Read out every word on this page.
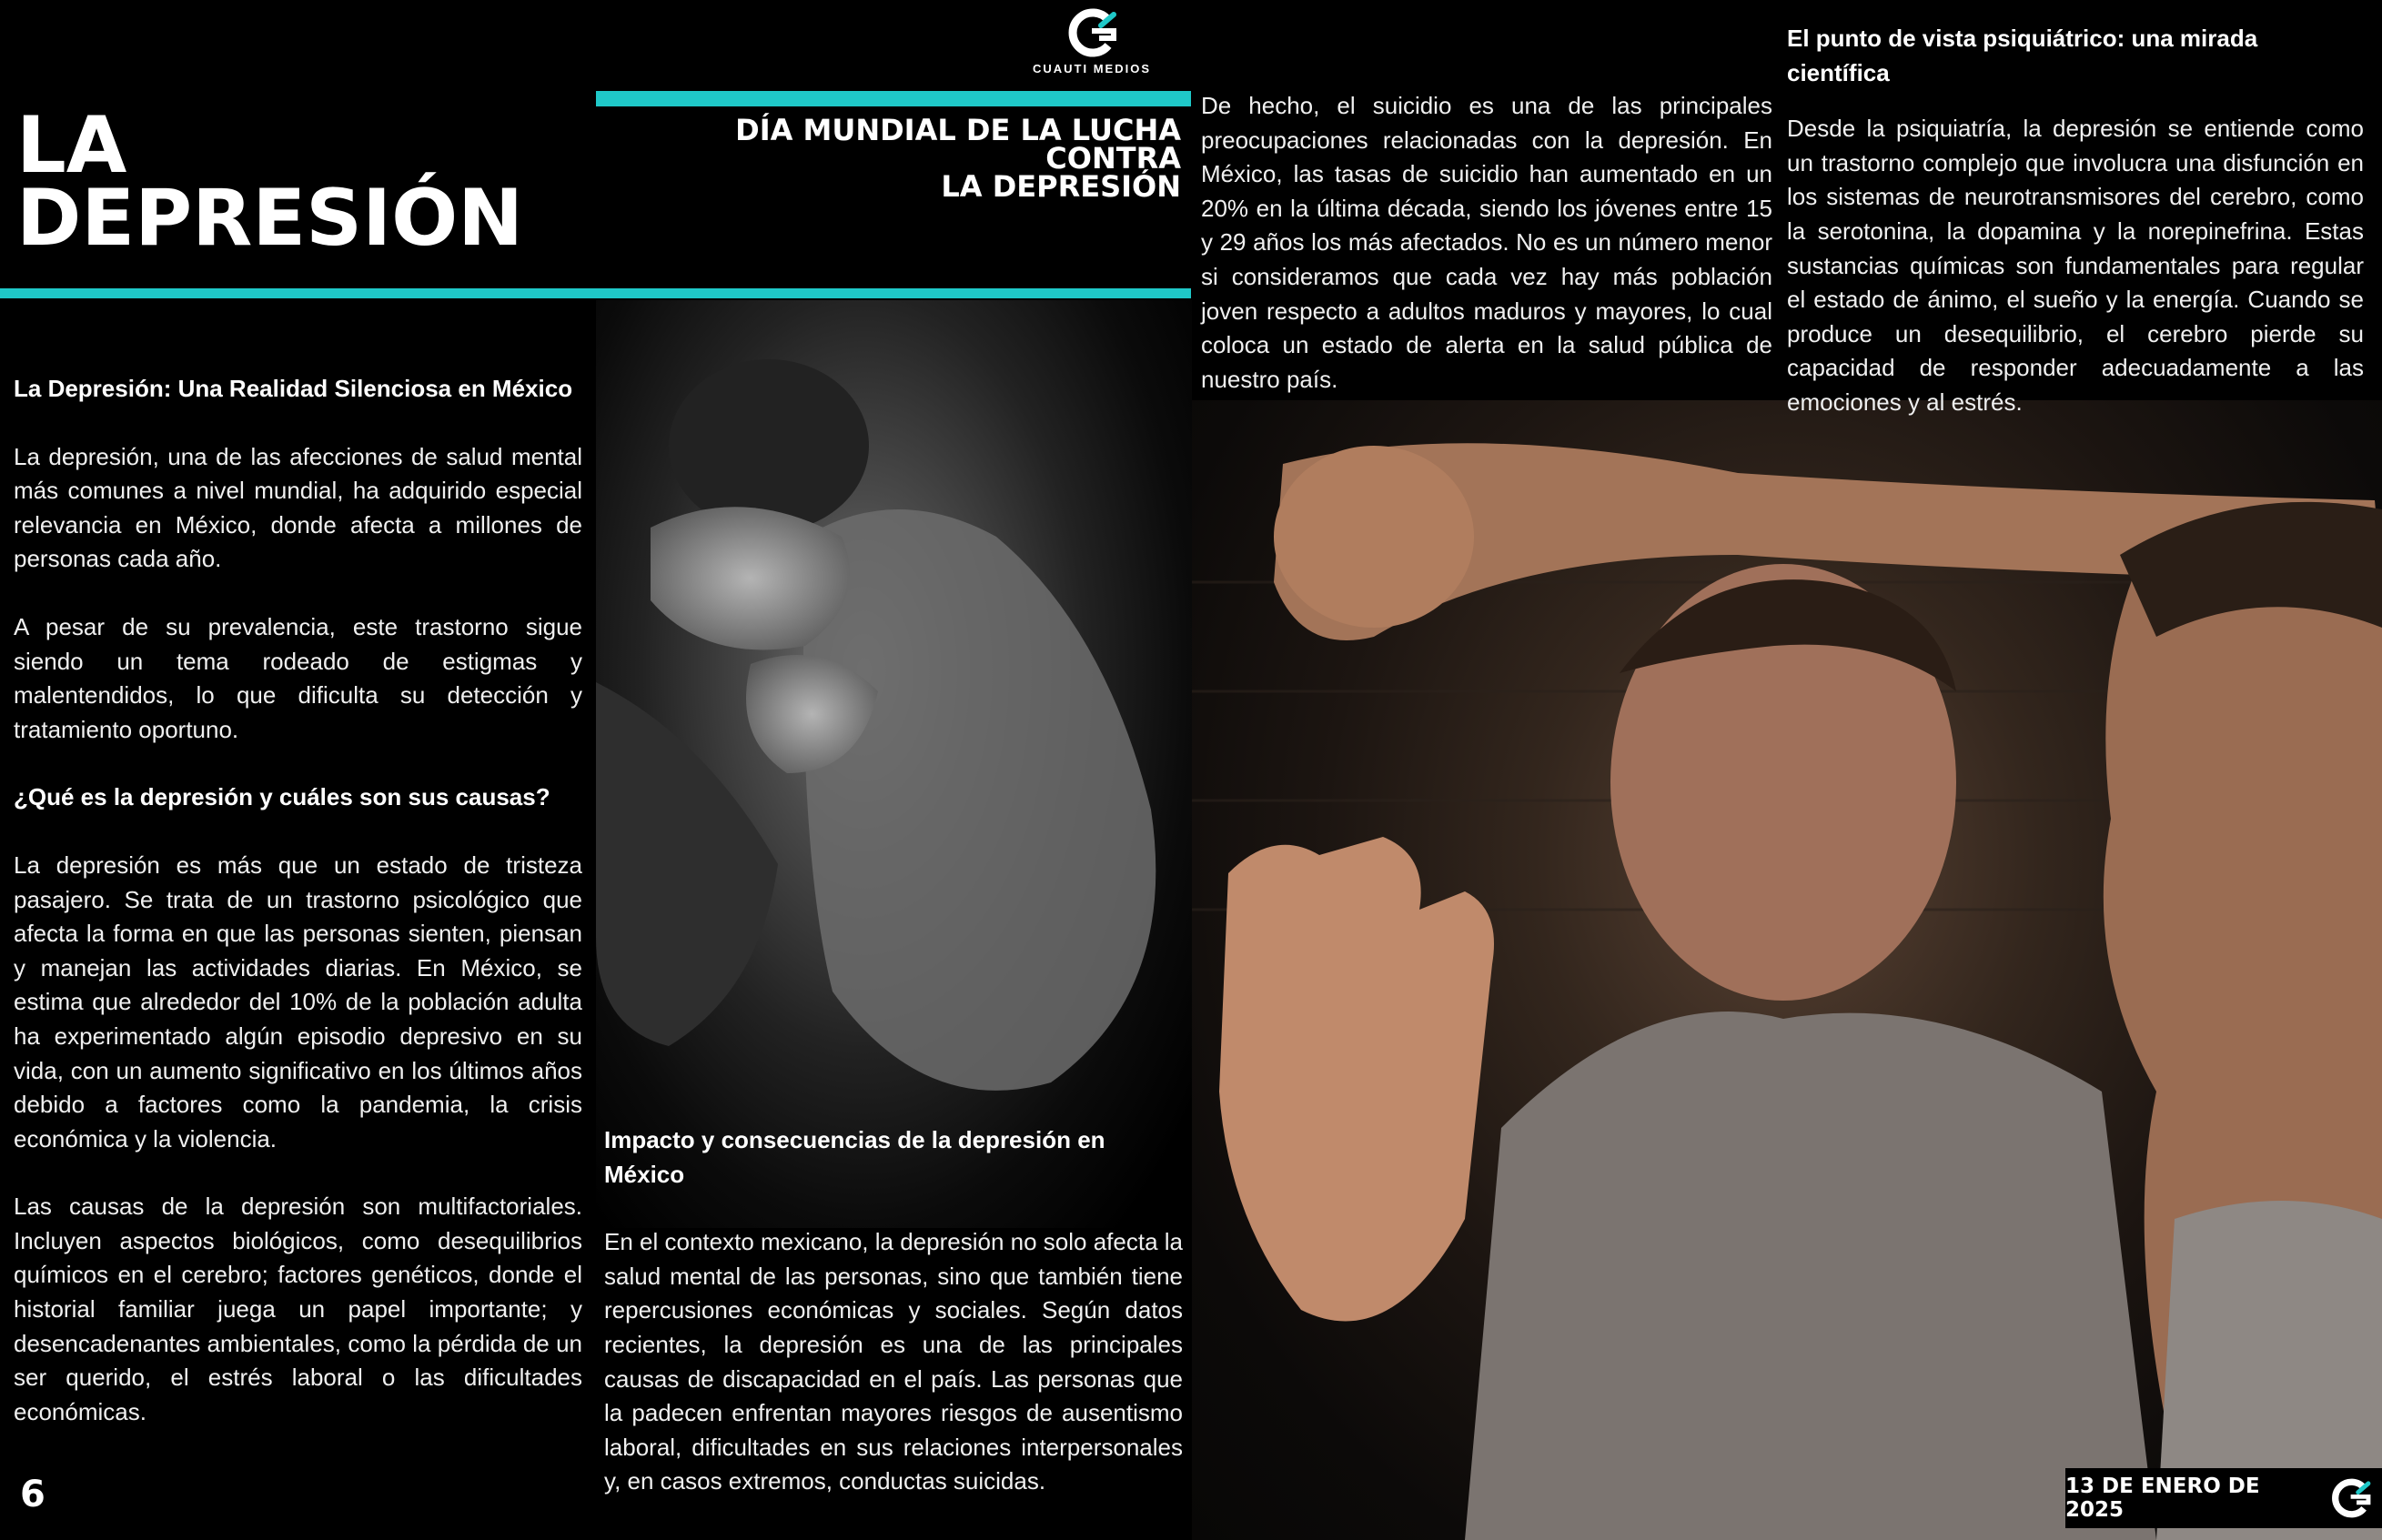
CUAUTI MEDIOS
LA
DEPRESIÓN
DÍA MUNDIAL DE LA LUCHA CONTRA
LA DEPRESIÓN

La Depresión: Una Realidad Silenciosa en México

La depresión, una de las afecciones de salud mental más comunes a nivel mundial, ha adquirido especial relevancia en México, donde afecta a millones de personas cada año.

A pesar de su prevalencia, este trastorno sigue siendo un tema rodeado de estigmas y malentendidos, lo que dificulta su detección y tratamiento oportuno.

¿Qué es la depresión y cuáles son sus causas?

La depresión es más que un estado de tristeza pasajero. Se trata de un trastorno psicológico que afecta la forma en que las personas sienten, piensan y manejan las actividades diarias. En México, se estima que alrededor del 10% de la población adulta ha experimentado algún episodio depresivo en su vida, con un aumento significativo en los últimos años debido a factores como la pandemia, la crisis económica y la violencia.

Las causas de la depresión son multifactoriales. Incluyen aspectos biológicos, como desequilibrios químicos en el cerebro; factores genéticos, donde el historial familiar juega un papel importante; y desencadenantes ambientales, como la pérdida de un ser querido, el estrés laboral o las dificultades económicas.

Impacto y consecuencias de la depresión en México

En el contexto mexicano, la depresión no solo afecta la salud mental de las personas, sino que también tiene repercusiones económicas y sociales. Según datos recientes, la depresión es una de las principales causas de discapacidad en el país. Las personas que la padecen enfrentan mayores riesgos de ausentismo laboral, dificultades en sus relaciones interpersonales y, en casos extremos, conductas suicidas.

De hecho, el suicidio es una de las principales preocupaciones relacionadas con la depresión. En México, las tasas de suicidio han aumentado en un 20% en la última década, siendo los jóvenes entre 15 y 29 años los más afectados. No es un número menor si consideramos que cada vez hay más población joven respecto a adultos maduros y mayores, lo cual coloca un estado de alerta en la salud pública de nuestro país.

El punto de vista psiquiátrico: una mirada científica

Desde la psiquiatría, la depresión se entiende como un trastorno complejo que involucra una disfunción en los sistemas de neurotransmisores del cerebro, como la serotonina, la dopamina y la norepinefrina. Estas sustancias químicas son fundamentales para regular el estado de ánimo, el sueño y la energía. Cuando se produce un desequilibrio, el cerebro pierde su capacidad de responder adecuadamente a las emociones y al estrés.

6	13 DE ENERO DE 2025
